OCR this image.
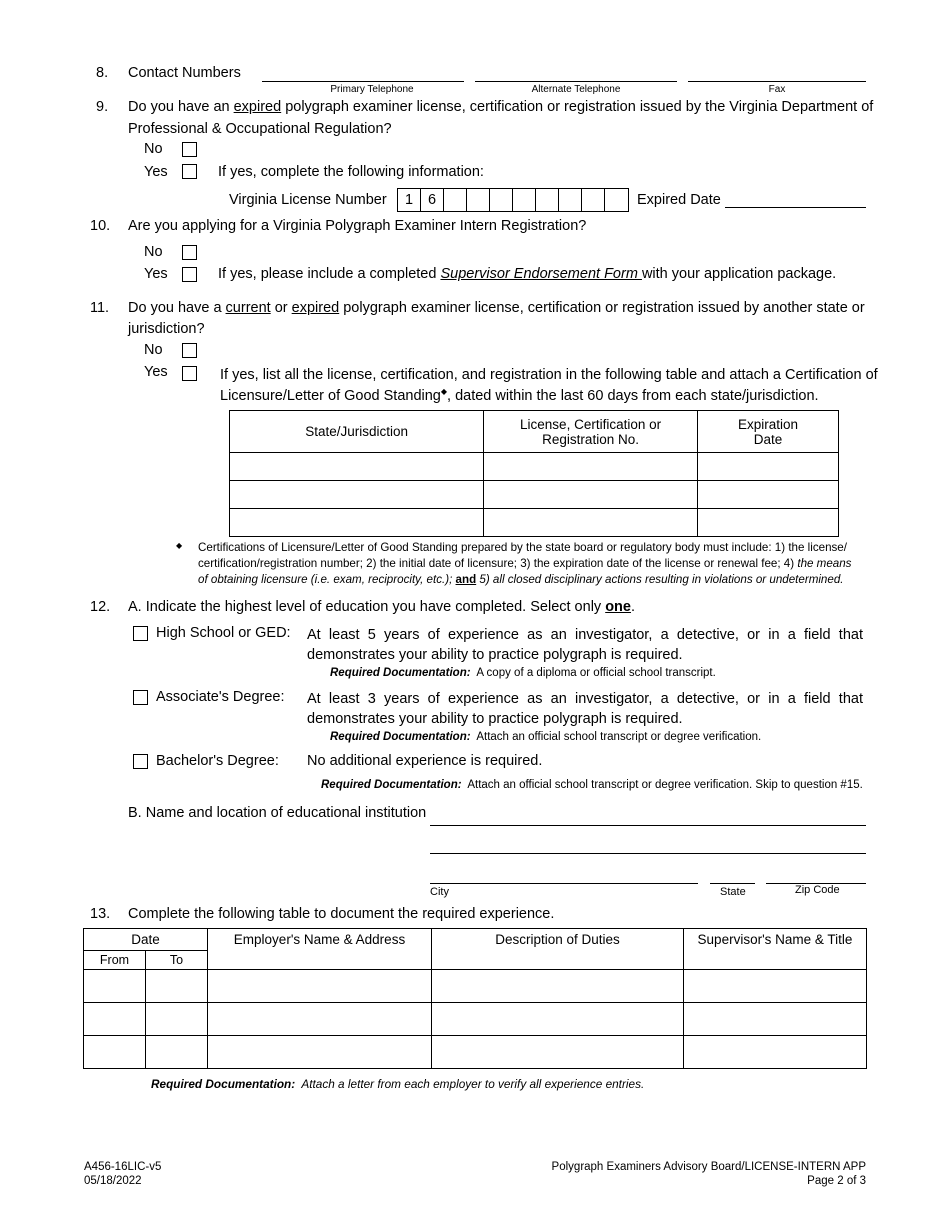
8. Contact Numbers
Primary Telephone	Alternate Telephone	Fax
9. Do you have an expired polygraph examiner license, certification or registration issued by the Virginia Department of
Professional & Occupational Regulation?
No
Yes	If yes, complete the following information:
Virginia License Number	1	6	Expired Date
10. Are you applying for a Virginia Polygraph Examiner Intern Registration?
No
Yes	If yes, please include a completed Supervisor Endorsement Form with your application package.
11. Do you have a current or expired polygraph examiner license, certification or registration issued by another state or
jurisdiction?
No
Yes	If yes, list all the license, certification, and registration in the following table and attach a Certification of
Licensure/Letter of Good Standing◆, dated within the last 60 days from each state/jurisdiction.
State/Jurisdiction	License, Certification or Registration No.	Expiration Date

◆ Certifications of Licensure/Letter of Good Standing prepared by the state board or regulatory body must include: 1) the license/
certification/registration number; 2) the initial date of licensure; 3) the expiration date of the license or renewal fee; 4) the means
of obtaining licensure (i.e. exam, reciprocity, etc.); and 5) all closed disciplinary actions resulting in violations or undetermined.
12. A. Indicate the highest level of education you have completed. Select only one.
High School or GED: At least 5 years of experience as an investigator, a detective, or in a field that
demonstrates your ability to practice polygraph is required.
Required Documentation: A copy of a diploma or official school transcript.
Associate's Degree: At least 3 years of experience as an investigator, a detective, or in a field that
demonstrates your ability to practice polygraph is required.
Required Documentation: Attach an official school transcript or degree verification.
Bachelor's Degree: No additional experience is required.
Required Documentation: Attach an official school transcript or degree verification. Skip to question #15.
B. Name and location of educational institution
City	State	Zip Code
13. Complete the following table to document the required experience.
Date		Employer's Name & Address	Description of Duties	Supervisor's Name & Title
From	To			

Required Documentation: Attach a letter from each employer to verify all experience entries.
A456-16LIC-v5
05/18/2022
Polygraph Examiners Advisory Board/LICENSE-INTERN APP
Page 2 of 3
